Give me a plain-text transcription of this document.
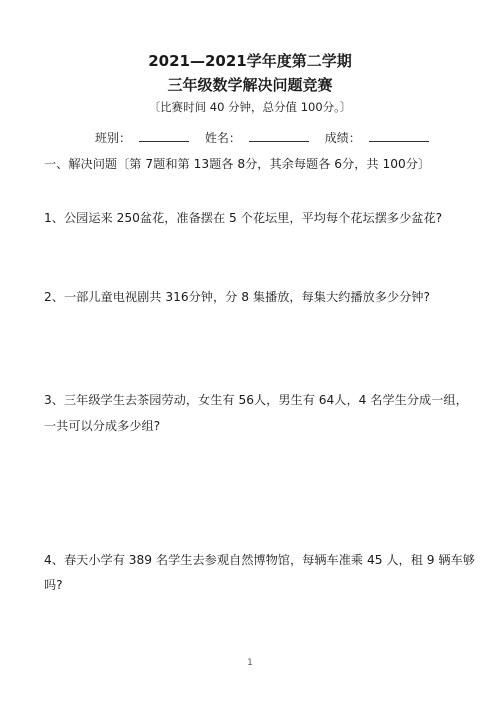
2021—2021学年度第二学期
三年级数学解决问题竞赛
〔比赛时间 40 分钟，总分值 100分。〕
班别：	姓名：	成绩：
一、解决问题〔第 7题和第 13题各 8分，其余每题各 6分，共 100分〕
1、公园运来 250盆花，准备摆在 5 个花坛里，平均每个花坛摆多少盆花?
2、一部儿童电视剧共 316分钟，分 8 集播放，每集大约播放多少分钟?
3、三年级学生去茶园劳动，女生有 56人，男生有 64人，4 名学生分成一组，
一共可以分成多少组?
4、春天小学有 389 名学生去参观自然博物馆，每辆车准乘 45 人，租 9 辆车够
吗?
1
